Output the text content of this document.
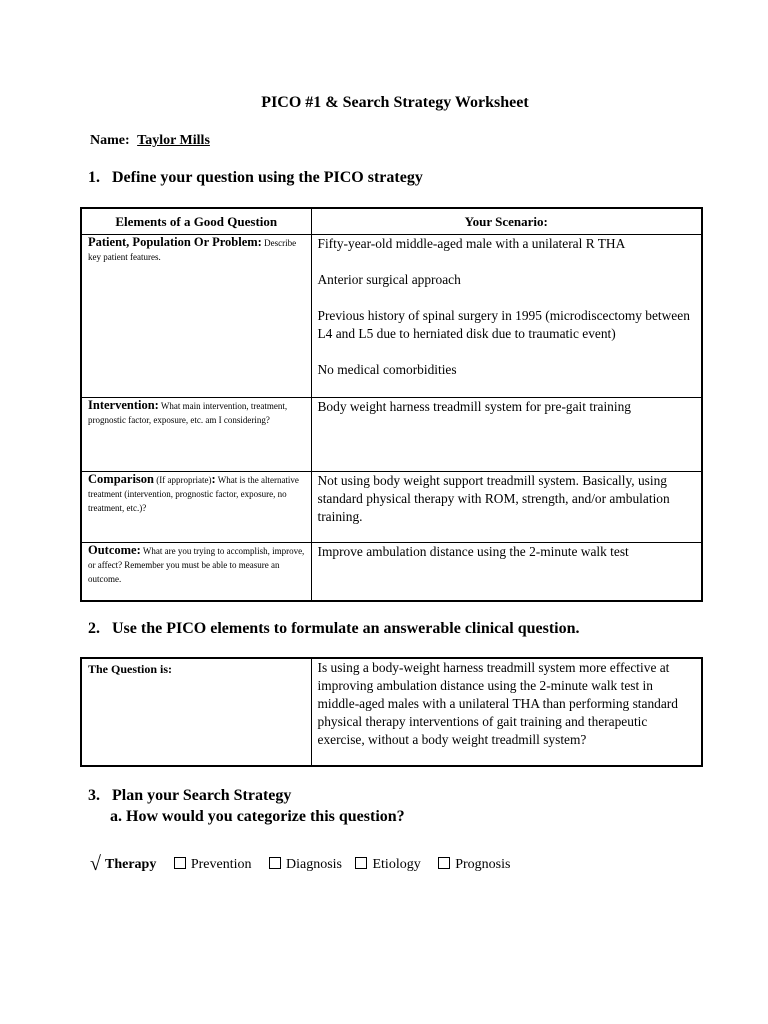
PICO #1 & Search Strategy Worksheet
Name: Taylor Mills
1. Define your question using the PICO strategy
Elements of a Good Question	Your Scenario:
Patient, Population Or Problem: Describe key patient features.	Fifty-year-old middle-aged male with a unilateral R THA

Anterior surgical approach

Previous history of spinal surgery in 1995 (microdiscectomy between L4 and L5 due to herniated disk due to traumatic event)

No medical comorbidities

Intervention: What main intervention, treatment, prognostic factor, exposure, etc. am I considering?	Body weight harness treadmill system for pre-gait training

Comparison (If appropriate): What is the alternative treatment (intervention, prognostic factor, exposure, no treatment, etc.)?	Not using body weight support treadmill system. Basically, using standard physical therapy with ROM, strength, and/or ambulation training.

Outcome: What are you trying to accomplish, improve, or affect? Remember you must be able to measure an outcome.	Improve ambulation distance using the 2-minute walk test

2. Use the PICO elements to formulate an answerable clinical question.
The Question is:	Is using a body-weight harness treadmill system more effective at improving ambulation distance using the 2-minute walk test in middle-aged males with a unilateral THA than performing standard physical therapy interventions of gait training and therapeutic exercise, without a body weight treadmill system?
3. Plan your Search Strategy
a. How would you categorize this question?
√ Therapy Prevention Diagnosis Etiology Prognosis
